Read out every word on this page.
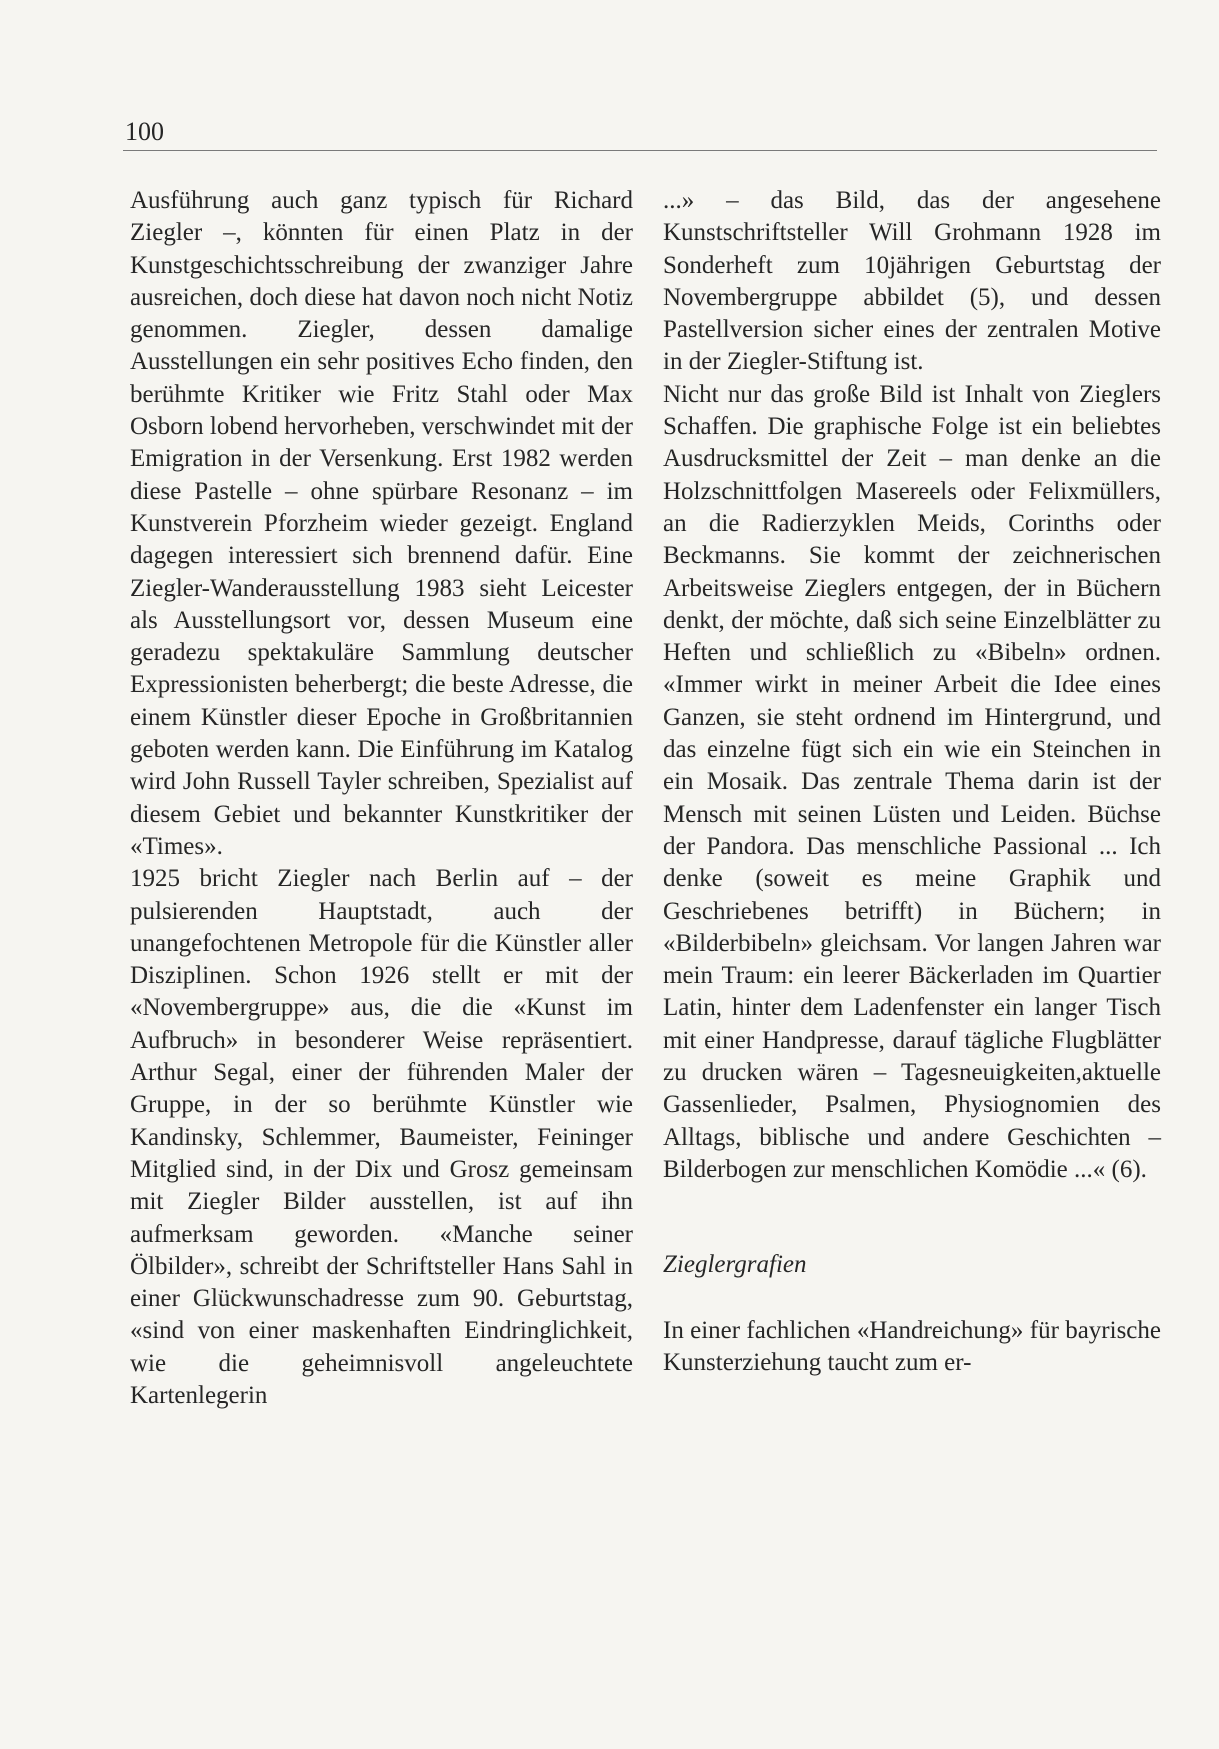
100

Ausführung auch ganz typisch für Richard Ziegler –, könnten für einen Platz in der Kunstgeschichtsschreibung der zwanziger Jahre ausreichen, doch diese hat davon noch nicht Notiz genommen. Ziegler, dessen damalige Ausstellungen ein sehr positives Echo finden, den berühmte Kritiker wie Fritz Stahl oder Max Osborn lobend hervorheben, verschwindet mit der Emigration in der Versenkung. Erst 1982 werden diese Pastelle – ohne spürbare Resonanz – im Kunstverein Pforzheim wieder gezeigt. England dagegen interessiert sich brennend dafür. Eine Ziegler-Wanderausstellung 1983 sieht Leicester als Ausstellungsort vor, dessen Museum eine geradezu spektakuläre Sammlung deutscher Expressionisten beherbergt; die beste Adresse, die einem Künstler dieser Epoche in Großbritannien geboten werden kann. Die Einführung im Katalog wird John Russell Tayler schreiben, Spezialist auf diesem Gebiet und bekannter Kunstkritiker der «Times».

1925 bricht Ziegler nach Berlin auf – der pulsierenden Hauptstadt, auch der unangefochtenen Metropole für die Künstler aller Disziplinen. Schon 1926 stellt er mit der «Novembergruppe» aus, die die «Kunst im Aufbruch» in besonderer Weise repräsentiert. Arthur Segal, einer der führenden Maler der Gruppe, in der so berühmte Künstler wie Kandinsky, Schlemmer, Baumeister, Feininger Mitglied sind, in der Dix und Grosz gemeinsam mit Ziegler Bilder ausstellen, ist auf ihn aufmerksam geworden. «Manche seiner Ölbilder», schreibt der Schriftsteller Hans Sahl in einer Glückwunschadresse zum 90. Geburtstag, «sind von einer maskenhaften Eindringlichkeit, wie die geheimnisvoll angeleuchtete Kartenlegerin

...» – das Bild, das der angesehene Kunstschriftsteller Will Grohmann 1928 im Sonderheft zum 10jährigen Geburtstag der Novembergruppe abbildet (5), und dessen Pastellversion sicher eines der zentralen Motive in der Ziegler-Stiftung ist.

Nicht nur das große Bild ist Inhalt von Zieglers Schaffen. Die graphische Folge ist ein beliebtes Ausdrucksmittel der Zeit – man denke an die Holzschnittfolgen Masereels oder Felixmüllers, an die Radierzyklen Meids, Corinths oder Beckmanns. Sie kommt der zeichnerischen Arbeitsweise Zieglers entgegen, der in Büchern denkt, der möchte, daß sich seine Einzelblätter zu Heften und schließlich zu «Bibeln» ordnen. «Immer wirkt in meiner Arbeit die Idee eines Ganzen, sie steht ordnend im Hintergrund, und das einzelne fügt sich ein wie ein Steinchen in ein Mosaik. Das zentrale Thema darin ist der Mensch mit seinen Lüsten und Leiden. Büchse der Pandora. Das menschliche Passional ... Ich denke (soweit es meine Graphik und Geschriebenes betrifft) in Büchern; in «Bilderbibeln» gleichsam. Vor langen Jahren war mein Traum: ein leerer Bäckerladen im Quartier Latin, hinter dem Ladenfenster ein langer Tisch mit einer Handpresse, darauf tägliche Flugblätter zu drucken wären – Tagesneuigkeiten,aktuelle Gassenlieder, Psalmen, Physiognomien des Alltags, biblische und andere Geschichten – Bilderbogen zur menschlichen Komödie ...« (6).

Zieglergrafien

In einer fachlichen «Handreichung» für bayrische Kunsterziehung taucht zum er-
